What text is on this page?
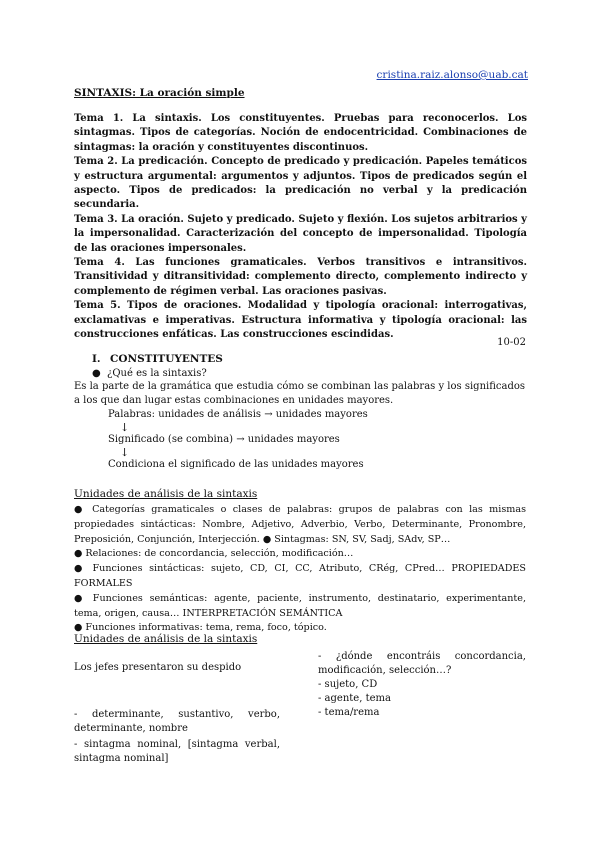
cristina.raiz.alonso@uab.cat
SINTAXIS: La oración simple

Tema 1. La sintaxis. Los constituyentes. Pruebas para reconocerlos. Los sintagmas. Tipos de categorías. Noción de endocentricidad. Combinaciones de sintagmas: la oración y constituyentes discontinuos.

Tema 2. La predicación. Concepto de predicado y predicación. Papeles temáticos y estructura argumental: argumentos y adjuntos. Tipos de predicados según el aspecto. Tipos de predicados: la predicación no verbal y la predicación secundaria.

Tema 3. La oración. Sujeto y predicado. Sujeto y flexión. Los sujetos arbitrarios y la impersonalidad. Caracterización del concepto de impersonalidad. Tipología de las oraciones impersonales.

Tema 4. Las funciones gramaticales. Verbos transitivos e intransitivos. Transitividad y ditransitividad: complemento directo, complemento indirecto y complemento de régimen verbal. Las oraciones pasivas.

Tema 5. Tipos de oraciones. Modalidad y tipología oracional: interrogativas, exclamativas e imperativas. Estructura informativa y tipología oracional: las construcciones enfáticas. Las construcciones escindidas.

10-02
I. CONSTITUYENTES
● ¿Qué es la sintaxis?
Es la parte de la gramática que estudia cómo se combinan las palabras y los significados a los que dan lugar estas combinaciones en unidades mayores.
Palabras: unidades de análisis → unidades mayores
↓
Significado (se combina) → unidades mayores
↓
Condiciona el significado de las unidades mayores
Unidades de análisis de la sintaxis

● Categorías gramaticales o clases de palabras: grupos de palabras con las mismas propiedades sintácticas: Nombre, Adjetivo, Adverbio, Verbo, Determinante, Pronombre, Preposición, Conjunción, Interjección. ● Sintagmas: SN, SV, Sadj, SAdv, SP…

● Relaciones: de concordancia, selección, modificación…

● Funciones sintácticas: sujeto, CD, CI, CC, Atributo, CRég, CPred… PROPIEDADES FORMALES

● Funciones semánticas: agente, paciente, instrumento, destinatario, experimentante, tema, origen, causa… INTERPRETACIÓN SEMÁNTICA

● Funciones informativas: tema, rema, foco, tópico.

Unidades de análisis de la sintaxis
Los jefes presentaron su despido

- determinante, sustantivo, verbo, determinante, nombre

- sintagma nominal, [sintagma verbal, sintagma nominal]

- ¿dónde encontráis concordancia, modificación, selección…?

- sujeto, CD

- agente, tema

- tema/rema
